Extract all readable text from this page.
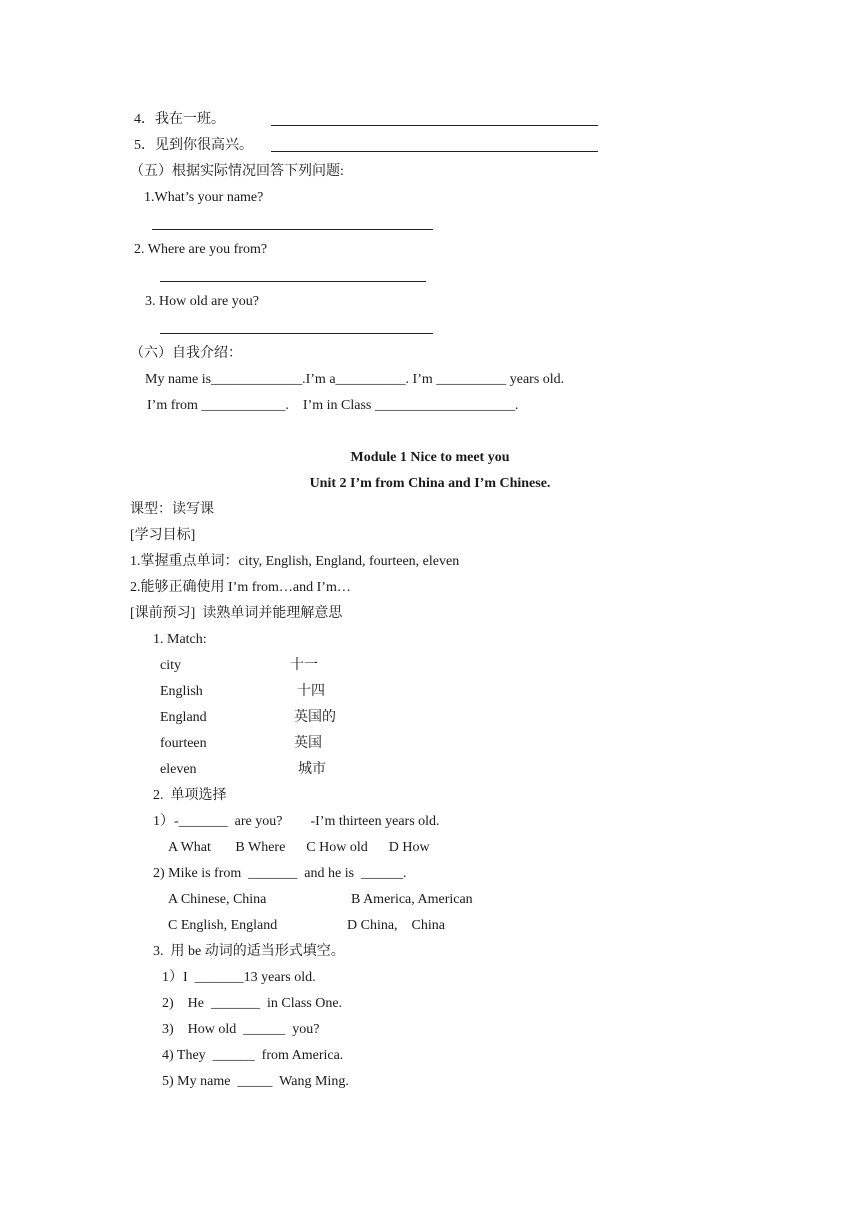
4．我在一班。
5．见到你很高兴。
（五）根据实际情况回答下列问题:
1.What’s your name?
2. Where are you from?
3. How old are you?
（六）自我介绍：
My name is_____________.I’m a__________. I’m __________ years old.
I’m from ____________.    I’m in Class ____________________.
Module 1 Nice to meet you
Unit 2 I’m from China and I’m Chinese.
课型：读写课
[学习目标]
1.掌握重点单词：city, English, England, fourteen, eleven
2.能够正确使用 I’m from…and I’m…
[课前预习]  读熟单词并能理解意思
1. Match:
city	十一
English	十四
England	英国的
fourteen	英国
eleven	城市
2.  单项选择
1）-_______  are you?        -I’m thirteen years old.
A What       B Where      C How old      D How
2) Mike is from  _______  and he is  ______.
A Chinese, China	B America, American
C English, England	D China,    China
3.  用 be 动词的适当形式填空。
1）I  _______13 years old.
2)    He  _______  in Class One.
3)    How old  ______  you?
4) They  ______  from America.
5) My name  _____  Wang Ming.
